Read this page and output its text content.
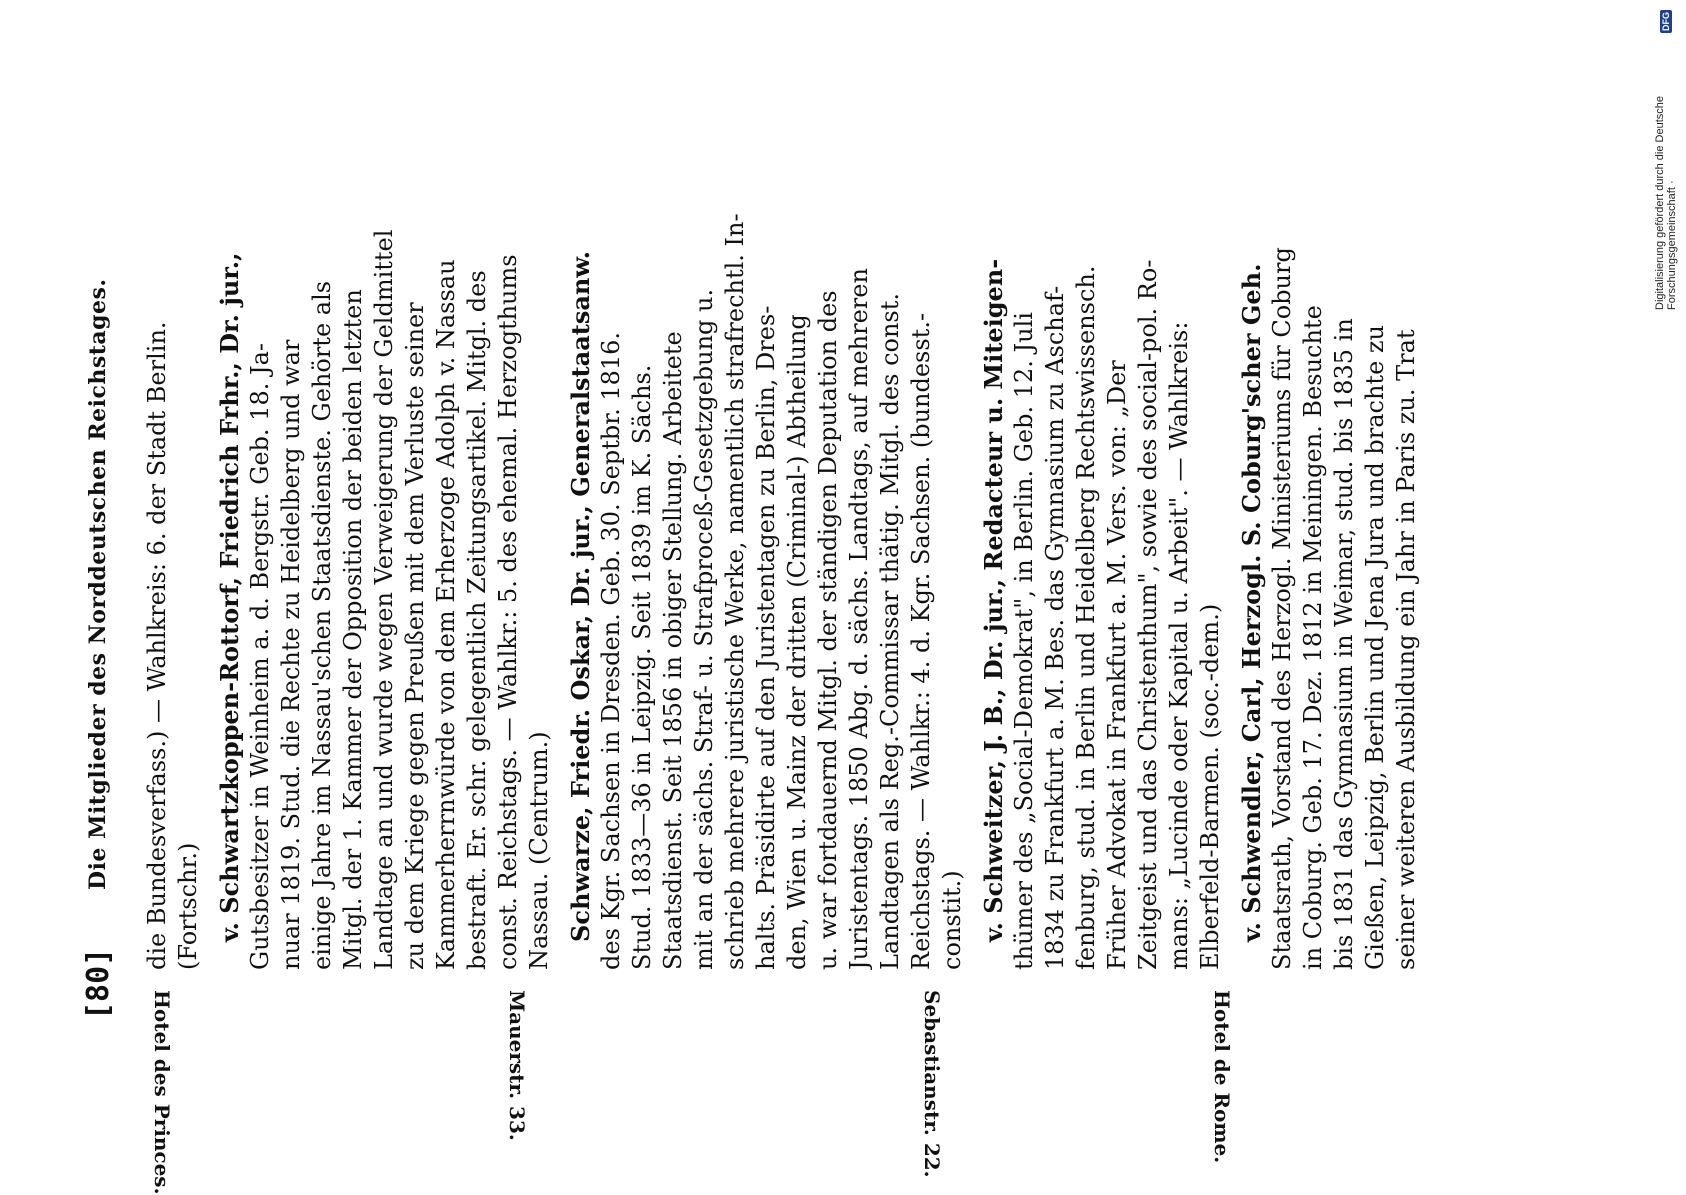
[80]
Die Mitglieder des Norddeutschen Reichstages.
Hotel des Princes.	Mauerstr. 33.	Sebastianstr. 22.	Hotel de Rome.
die Bundesverfass.) — Wahlkreis: 6. der Stadt Berlin. (Fortschr.) v. Schwartzkoppen-Rottorf, Friedrich Frhr., Dr. jur., Gutsbesitzer in Weinheim a. d. Bergstr. Geb. 18. Ja- nuar 1819. Stud. die Rechte zu Heidelberg und war einige Jahre im Nassau'schen Staatsdienste. Gehörte als Mitgl. der 1. Kammer der Opposition der beiden letzten Landtage an und wurde wegen Verweigerung der Geldmittel zu dem Kriege gegen Preußen mit dem Verluste seiner Kammerherrnwürde von dem Erherzoge Adolph v. Nassau bestraft. Er. schr. gelegentlich Zeitungsartikel. Mitgl. des const. Reichstags. — Wahlkr.: 5. des ehemal. Herzogthums Nassau. (Centrum.) Schwarze, Friedr. Oskar, Dr. jur., Generalstaatsanw. des Kgr. Sachsen in Dresden. Geb. 30. Septbr. 1816. Stud. 1833—36 in Leipzig. Seit 1839 im K. Sächs. Staatsdienst. Seit 1856 in obiger Stellung. Arbeitete mit an der sächs. Straf- u. Strafproceß-Gesetzgebung u. schrieb mehrere juristische Werke, namentlich strafrechtl. In- halts. Präsidirte auf den Juristentagen zu Berlin, Dres- den, Wien u. Mainz der dritten (Criminal-) Abtheilung u. war fortdauernd Mitgl. der ständigen Deputation des Juristentags. 1850 Abg. d. sächs. Landtags, auf mehreren Landtagen als Reg.-Commissar thätig. Mitgl. des const. Reichstags. — Wahlkr.: 4. d. Kgr. Sachsen. (bundesst.- constit.) v. Schweitzer, J. B., Dr. jur., Redacteur u. Miteigen- thümer des „Social-Demokrat", in Berlin. Geb. 12. Juli 1834 zu Frankfurt a. M. Bes. das Gymnasium zu Aschaf- fenburg, stud. in Berlin und Heidelberg Rechtswissensch. Früher Advokat in Frankfurt a. M. Vers. von: „Der Zeitgeist und das Christenthum", sowie des social-pol. Ro- mans: „Lucinde oder Kapital u. Arbeit". — Wahlkreis: Elberfeld-Barmen. (soc.-dem.) v. Schwendler, Carl, Herzogl. S. Coburg'scher Geh. Staatsrath, Vorstand des Herzogl. Ministeriums für Coburg in Coburg. Geb. 17. Dez. 1812 in Meiningen. Besuchte bis 1831 das Gymnasium in Weimar, stud. bis 1835 in Gießen, Leipzig, Berlin und Jena Jura und brachte zu seiner weiteren Ausbildung ein Jahr in Paris zu. Trat
Digitalisierung gefördert durch die Deutsche Forschungsgemeinschaft ·
DFG
